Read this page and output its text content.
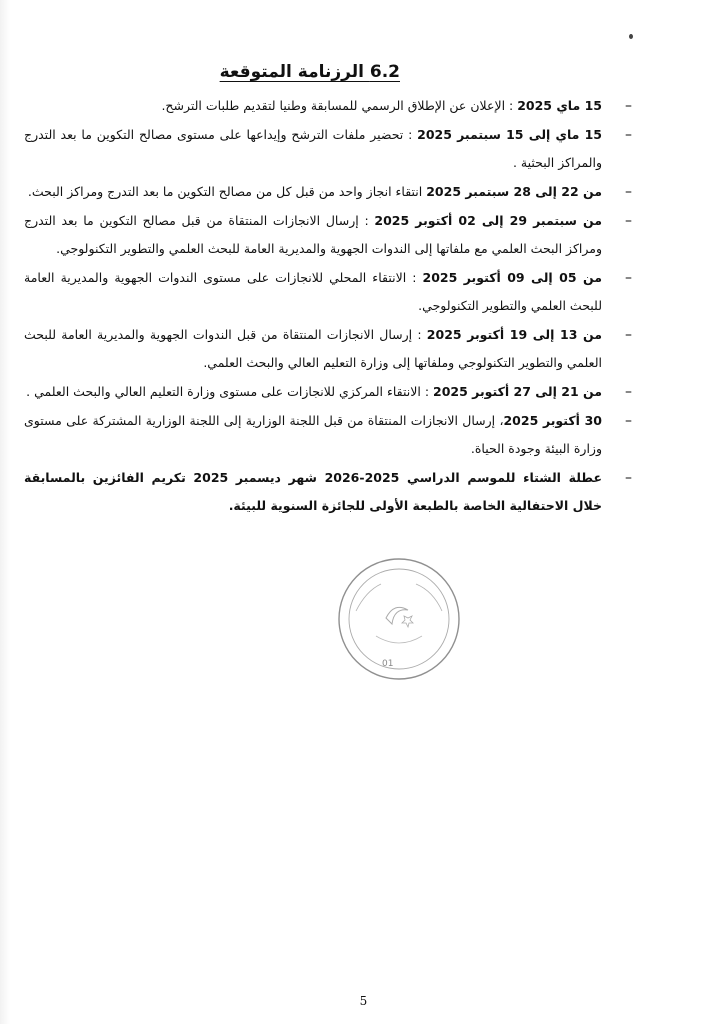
6.2 الرزنامة المتوقعة

–
15 ماي 2025 : الإعلان عن الإطلاق الرسمي للمسابقة وطنيا لتقديم طلبات الترشح.

–
15 ماي إلى 15 سبتمبر 2025 : تحضير ملفات الترشح وإيداعها على مستوى مصالح التكوين ما بعد التدرج والمراكز البحثية .

–
من 22 إلى 28 سبتمبر 2025 انتقاء انجاز واحد من قبل كل من مصالح التكوين ما بعد التدرج ومراكز البحث.

–
من سبتمبر 29 إلى 02 أكتوبر 2025 : إرسال الانجازات المنتقاة من قبل مصالح التكوين ما بعد التدرج ومراكز البحث العلمي مع ملفاتها إلى الندوات الجهوية والمديرية العامة للبحث العلمي والتطوير التكنولوجي.

–
من 05 إلى 09 أكتوبر 2025 : الانتقاء المحلي للانجازات على مستوى الندوات الجهوية والمديرية العامة للبحث العلمي والتطوير التكنولوجي.

–
من 13 إلى 19 أكتوبر 2025 : إرسال الانجازات المنتقاة من قبل الندوات الجهوية والمديرية العامة للبحث العلمي والتطوير التكنولوجي وملفاتها إلى وزارة التعليم العالي والبحث العلمي.

–
من 21 إلى 27 أكتوبر 2025 : الانتقاء المركزي للانجازات على مستوى وزارة التعليم العالي والبحث العلمي .

–
30 أكتوبر 2025، إرسال الانجازات المنتقاة من قبل اللجنة الوزارية إلى اللجنة الوزارية المشتركة على مستوى وزارة البيئة وجودة الحياة.

–
عطلة الشتاء للموسم الدراسي 2025-2026 شهر ديسمبر 2025 تكريم الفائزين بالمسابقة خلال الاحتفالية الخاصة بالطبعة الأولى للجائزة السنوية للبيئة.

01
5
